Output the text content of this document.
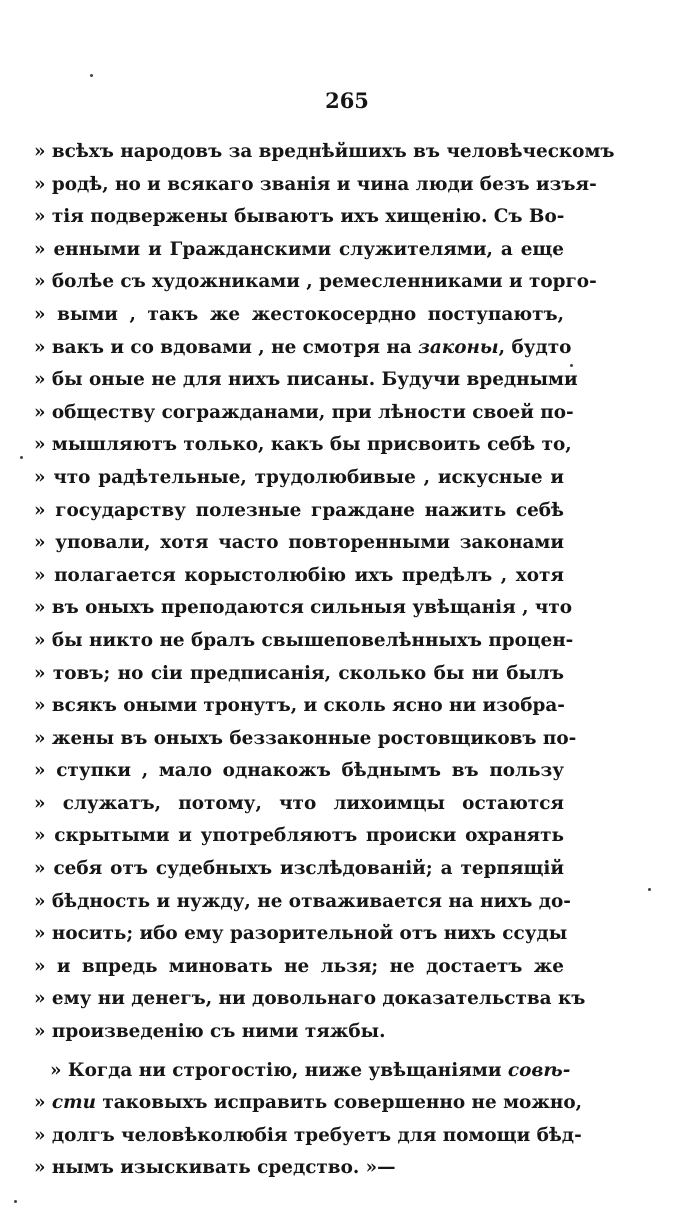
265
» всѣхъ народовъ за вреднѣйшихъ въ человѣческомъ
» родѣ, но и всякаго званія и чина люди безъ изъя-
» тія подвержены бываютъ ихъ хищенію. Съ Во-
» енными и Гражданскими служителями, а еще
» болѣе съ художниками , ремесленниками и торго-
» выми , такъ же жестокосердно поступаютъ,
» вакъ и со вдовами , не смотря на законы, будто
» бы оные не для нихъ писаны. Будучи вредными
» обществу согражданами, при лѣности своей по-
» мышляютъ только, какъ бы присвоить себѣ то,
» что радѣтельные, трудолюбивые , искусные и
» государству полезные граждане нажить себѣ
» уповали, хотя часто повторенными законами
» полагается корыстолюбію ихъ предѣлъ , хотя
» въ оныхъ преподаются сильныя увѣщанія , что
» бы никто не бралъ свышеповелѣнныхъ процен-
» товъ; но сіи предписанія, сколько бы ни былъ
» всякъ оными тронутъ, и сколь ясно ни изобра-
» жены въ оныхъ беззаконные ростовщиковъ по-
» ступки , мало однакожъ бѣднымъ въ пользу
» служатъ, потому, что лихоимцы остаются
» скрытыми и употребляютъ происки охранять
» себя отъ судебныхъ изслѣдованій; а терпящій
» бѣдность и нужду, не отваживается на нихъ до-
» носить; ибо ему разорительной отъ нихъ ссуды
» и впредь миновать не льзя; не достаетъ же
» ему ни денегъ, ни довольнаго доказательства къ
» произведенію съ ними тяжбы.
» Когда ни строгостію, ниже увѣщаніями совѣ-
» сти таковыхъ исправить совершенно не можно,
» долгъ человѣколюбія требуетъ для помощи бѣд-
» нымъ изыскивать средство. »—
